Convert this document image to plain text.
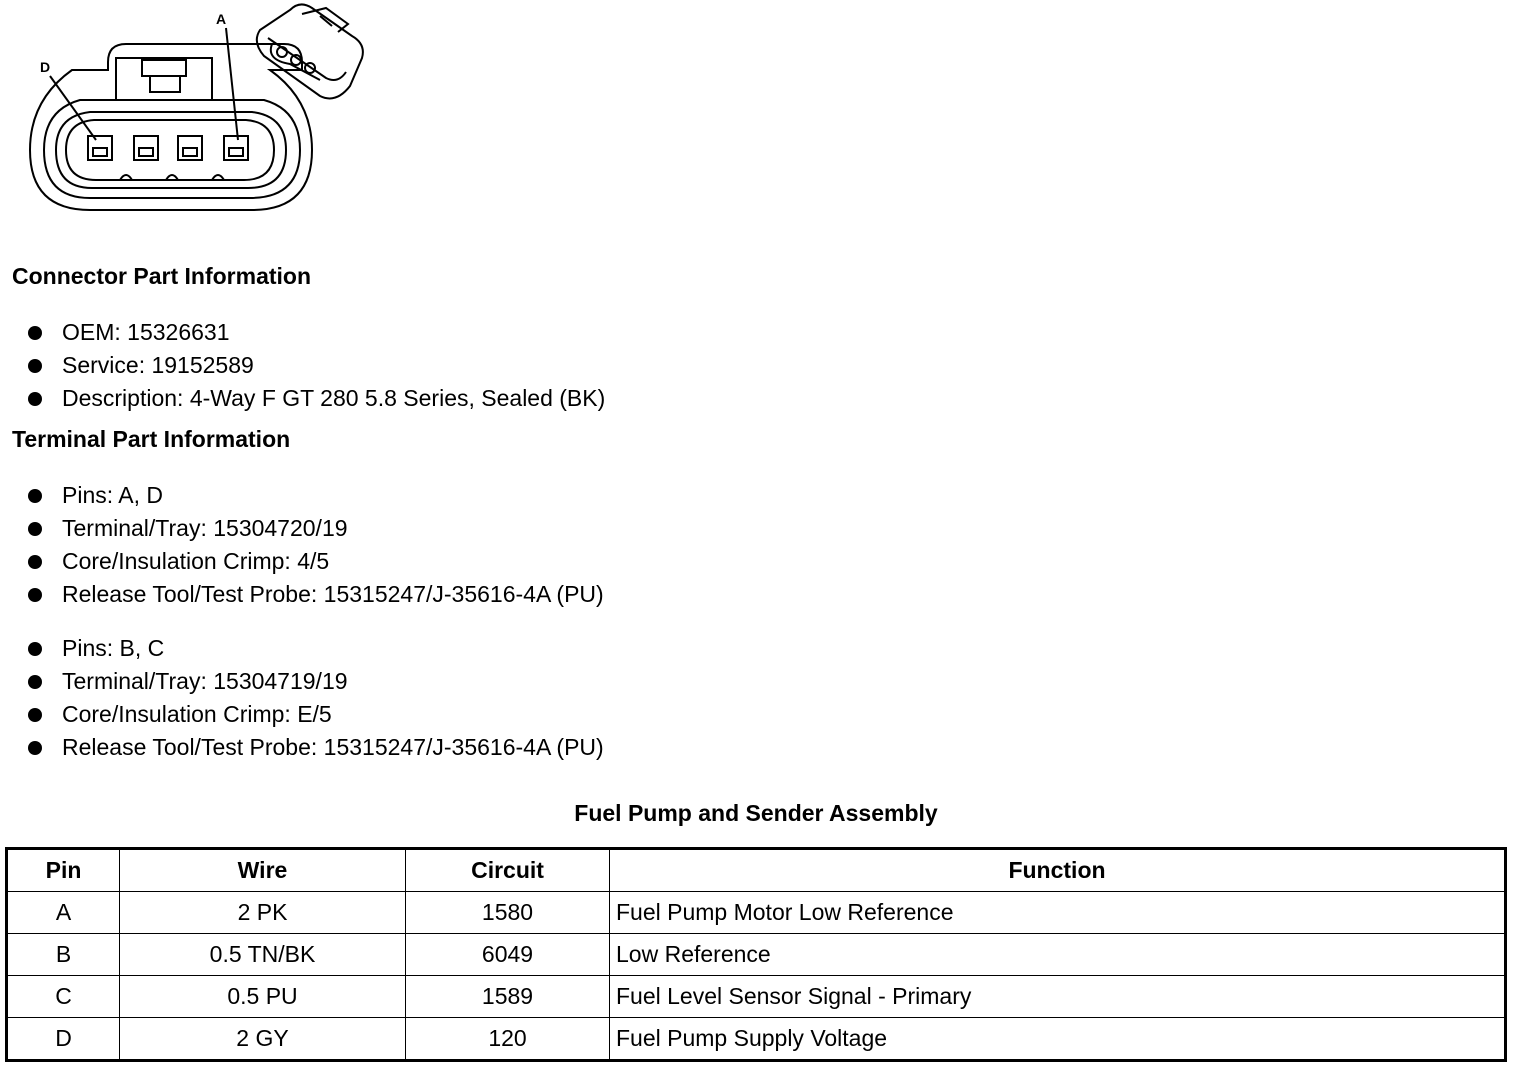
A
D
Connector Part Information
OEM: 15326631
Service: 19152589
Description: 4-Way F GT 280 5.8 Series, Sealed (BK)
Terminal Part Information
Pins: A, D
Terminal/Tray: 15304720/19
Core/Insulation Crimp: 4/5
Release Tool/Test Probe: 15315247/J-35616-4A (PU)
Pins: B, C
Terminal/Tray: 15304719/19
Core/Insulation Crimp: E/5
Release Tool/Test Probe: 15315247/J-35616-4A (PU)
Fuel Pump and Sender Assembly
Pin	Wire	Circuit	Function
A	2 PK	1580	Fuel Pump Motor Low Reference
B	0.5 TN/BK	6049	Low Reference
C	0.5 PU	1589	Fuel Level Sensor Signal - Primary
D	2 GY	120	Fuel Pump Supply Voltage
